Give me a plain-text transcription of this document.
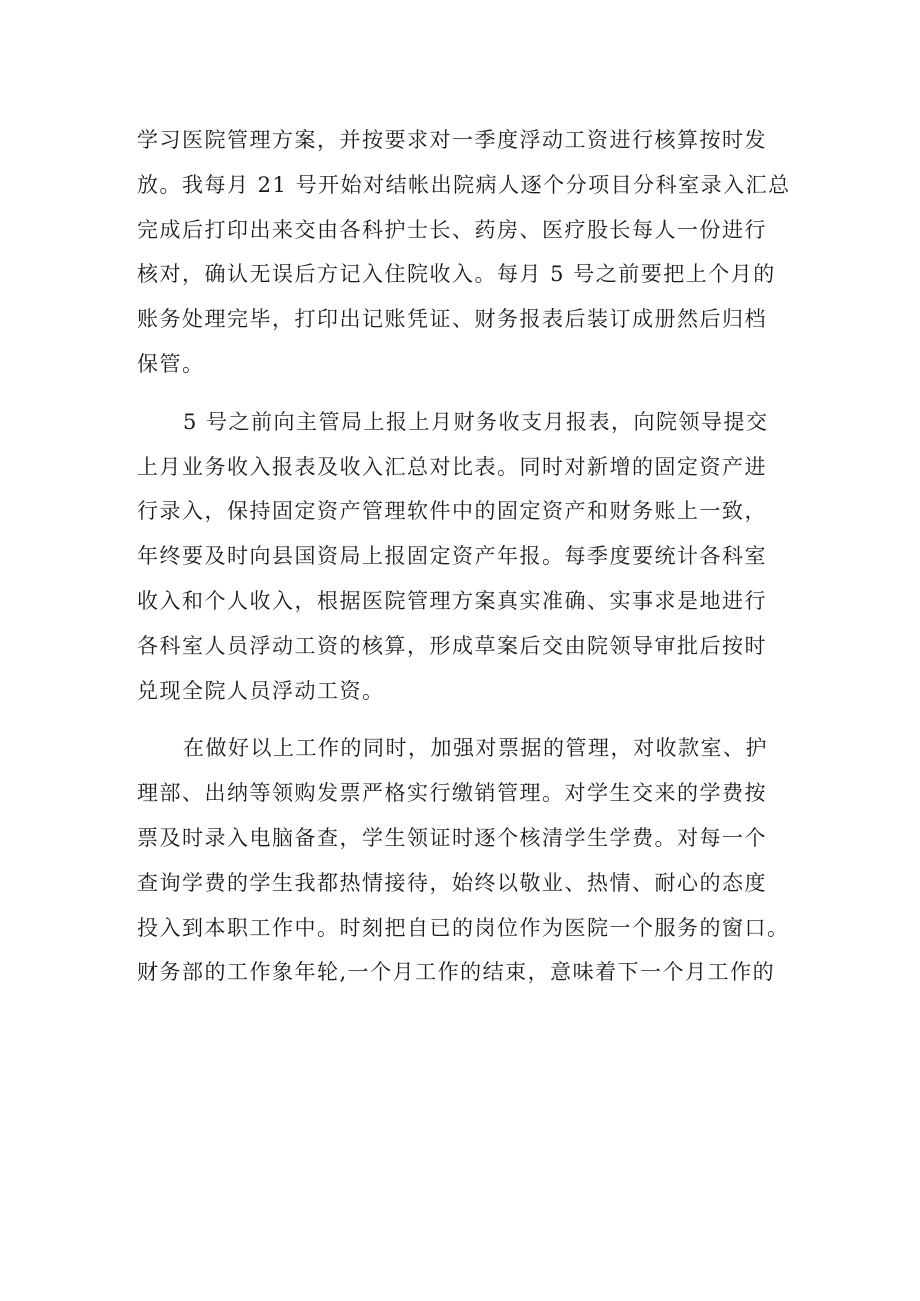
学习医院管理方案，并按要求对一季度浮动工资进行核算按时发
放。我每月 21 号开始对结帐出院病人逐个分项目分科室录入汇总
完成后打印出来交由各科护士长、药房、医疗股长每人一份进行
核对，确认无误后方记入住院收入。每月 5 号之前要把上个月的
账务处理完毕，打印出记账凭证、财务报表后装订成册然后归档
保管。
5 号之前向主管局上报上月财务收支月报表，向院领导提交
上月业务收入报表及收入汇总对比表。同时对新增的固定资产进
行录入，保持固定资产管理软件中的固定资产和财务账上一致，
年终要及时向县国资局上报固定资产年报。每季度要统计各科室
收入和个人收入，根据医院管理方案真实准确、实事求是地进行
各科室人员浮动工资的核算，形成草案后交由院领导审批后按时
兑现全院人员浮动工资。
在做好以上工作的同时，加强对票据的管理，对收款室、护
理部、出纳等领购发票严格实行缴销管理。对学生交来的学费按
票及时录入电脑备查，学生领证时逐个核清学生学费。对每一个
查询学费的学生我都热情接待，始终以敬业、热情、耐心的态度
投入到本职工作中。时刻把自已的岗位作为医院一个服务的窗口。
财务部的工作象年轮,一个月工作的结束，意味着下一个月工作的
